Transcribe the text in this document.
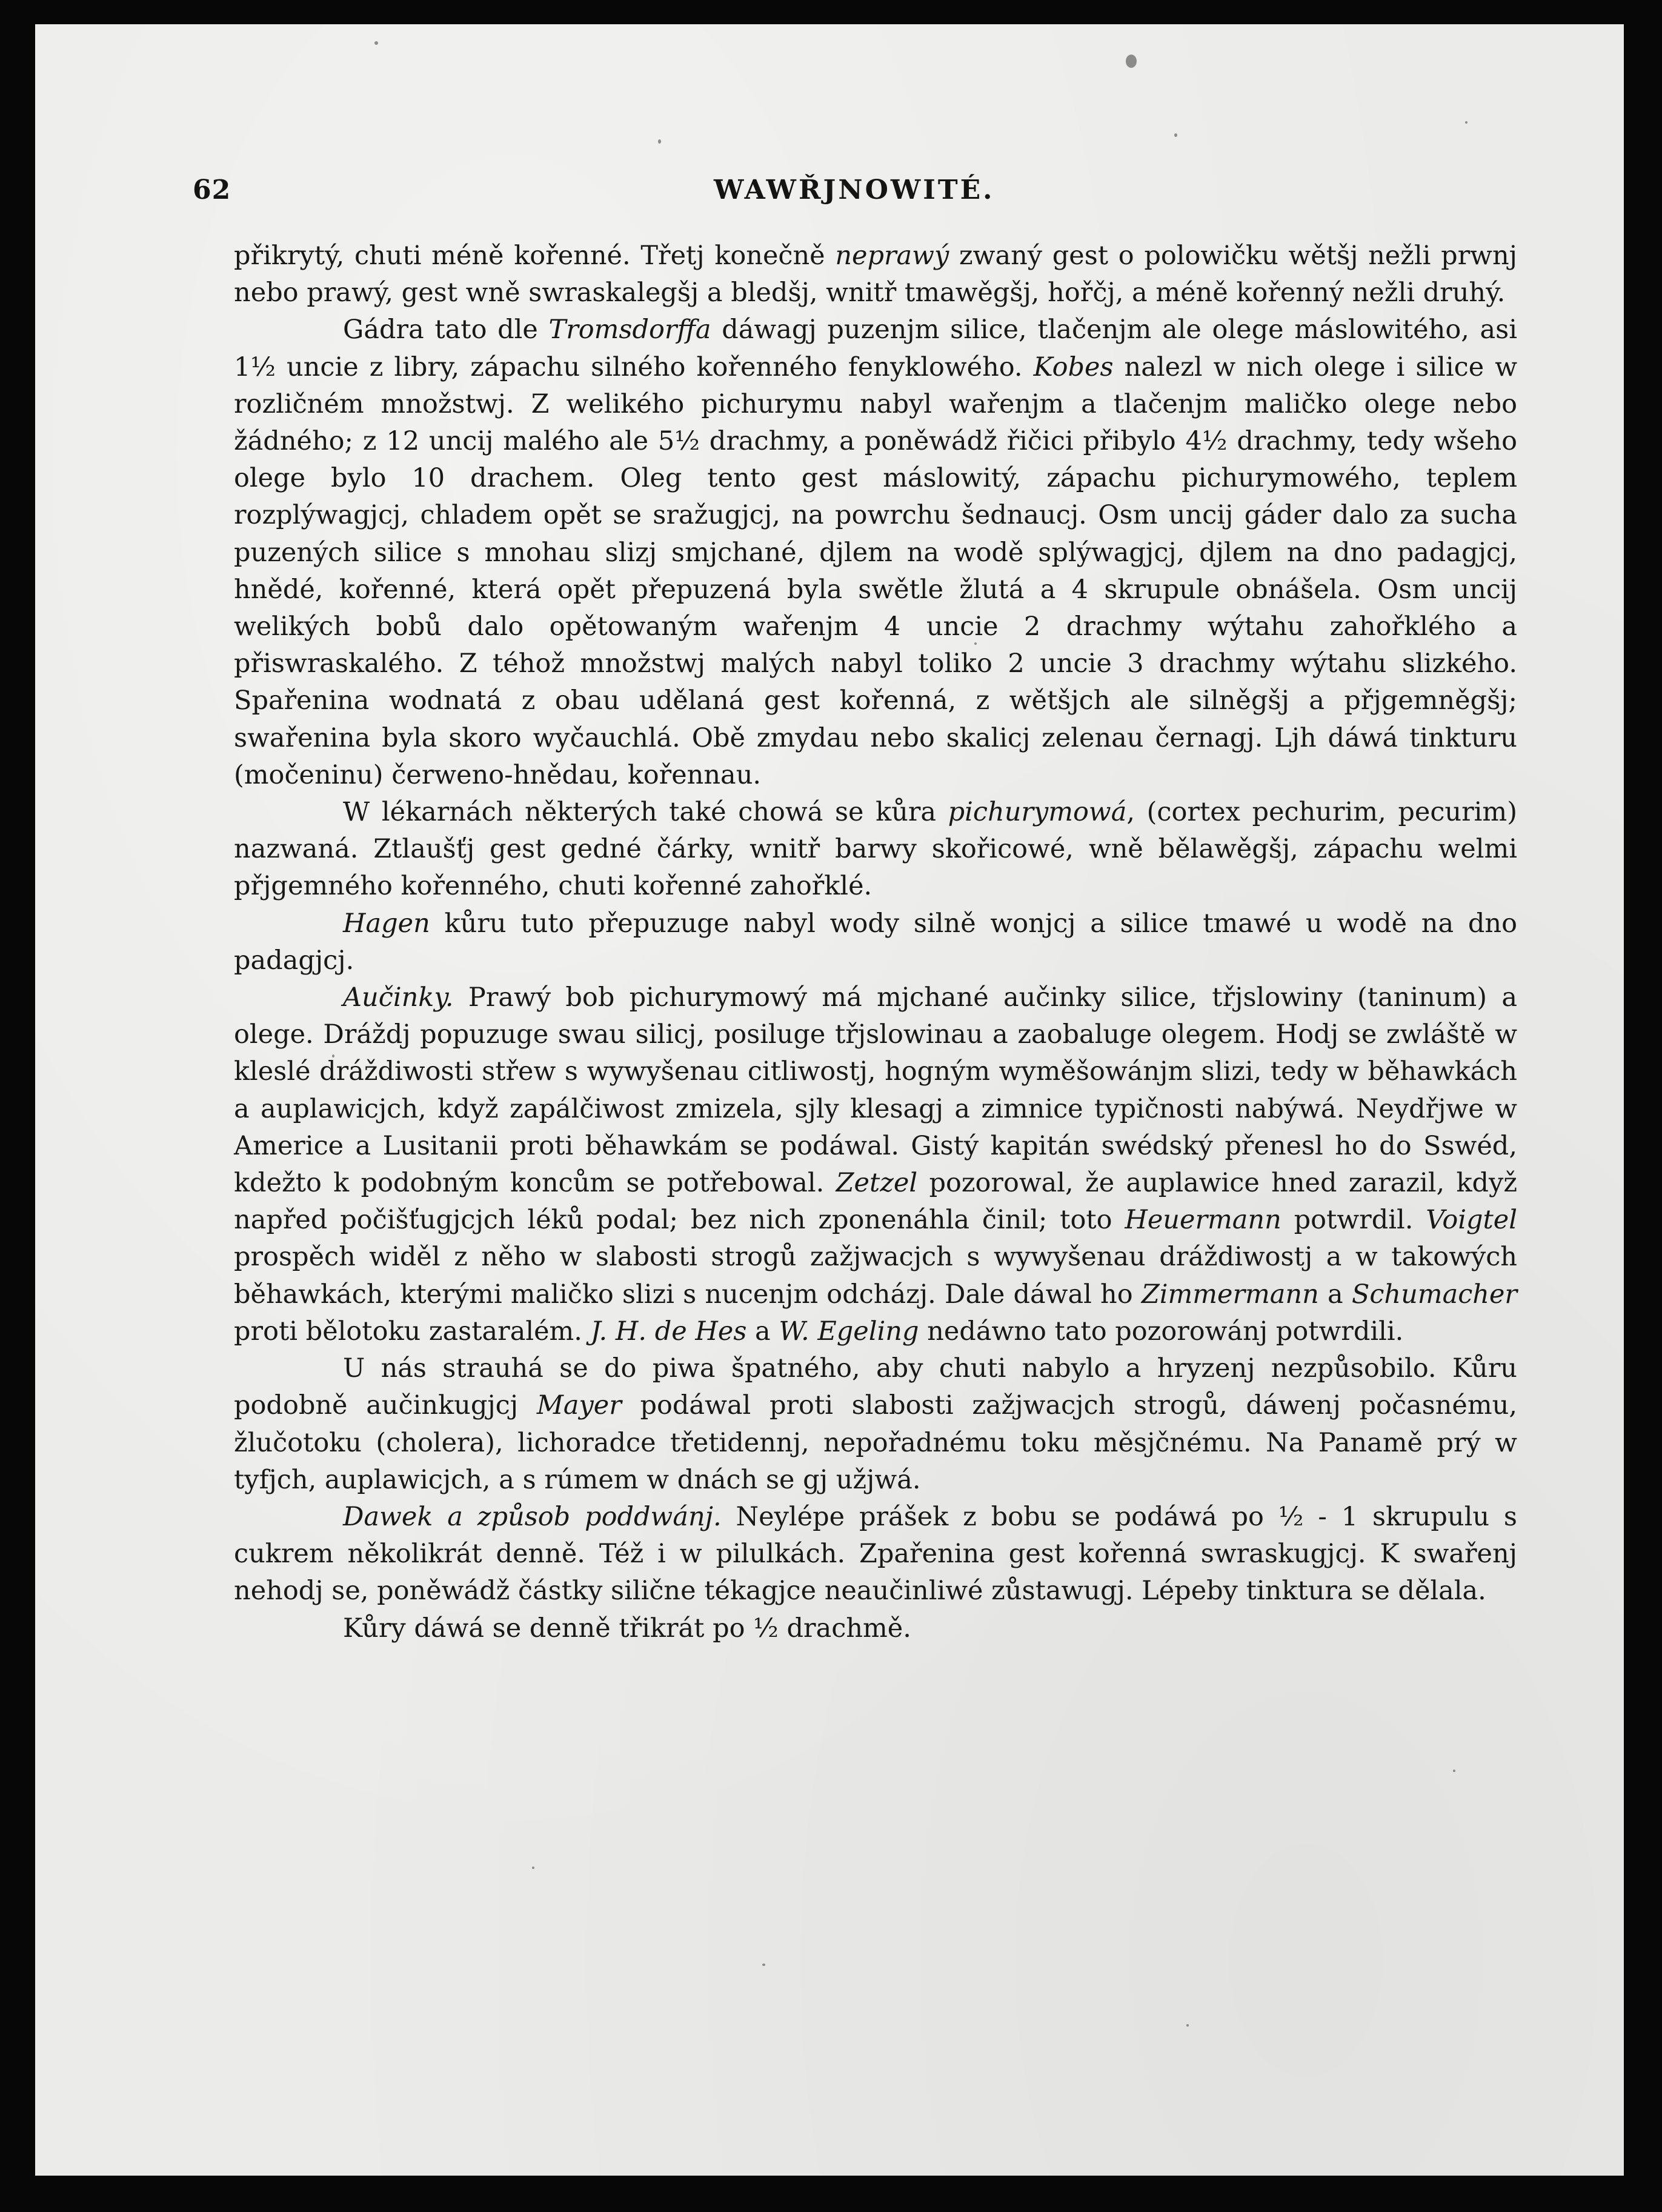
62	WAWŘJNOWITÉ.

přikrytý, chuti méně kořenné. Třetj konečně neprawý zwaný gest o polowičku wětšj nežli prwnj nebo prawý, gest wně swraskalegšj a bledšj, wnitř tmawěgšj, hořčj, a méně kořenný nežli druhý.

Gádra tato dle Tromsdorffa dáwagj puzenjm silice, tlačenjm ale olege máslowitého, asi 1½ uncie z libry, zápachu silného kořenného fenyklowého. Kobes nalezl w nich olege i silice w rozličném množstwj. Z welikého pichurymu nabyl wařenjm a tlačenjm maličko olege nebo žádného; z 12 uncij malého ale 5½ drachmy, a poněwádž řičici přibylo 4½ drachmy, tedy wšeho olege bylo 10 drachem. Oleg tento gest máslowitý, zápachu pichurymowého, teplem rozplýwagjcj, chladem opět se sražugjcj, na powrchu šednaucj. Osm uncij gáder dalo za sucha puzených silice s mnohau slizj smjchané, djlem na wodě splýwagjcj, djlem na dno padagjcj, hnědé, kořenné, která opět přepuzená byla swětle žlutá a 4 skrupule obnášela. Osm uncij welikých bobů dalo opětowaným wařenjm 4 uncie 2 drachmy wýtahu zahořklého a přiswraskalého. Z téhož množstwj malých nabyl toliko 2 uncie 3 drachmy wýtahu slizkého. Spařenina wodnatá z obau udělaná gest kořenná, z wětšjch ale silněgšj a přjgemněgšj; swařenina byla skoro wyčauchlá. Obě zmydau nebo skalicj zelenau černagj. Ljh dáwá tinkturu (močeninu) čerweno-hnědau, kořennau.

W lékarnách některých také chowá se kůra pichurymowá, (cortex pechurim, pecurim) nazwaná. Ztlaušťj gest gedné čárky, wnitř barwy skořicowé, wně bělawěgšj, zápachu welmi přjgemného kořenného, chuti kořenné zahořklé.

Hagen kůru tuto přepuzuge nabyl wody silně wonjcj a silice tmawé u wodě na dno padagjcj.

Aučinky. Prawý bob pichurymowý má mjchané aučinky silice, třjslowiny (taninum) a olege. Dráždj popuzuge swau silicj, posiluge třjslowinau a zaobaluge olegem. Hodj se zwláště w kleslé dráždiwosti střew s wywyšenau citliwostj, hogným wyměšowánjm slizi, tedy w běhawkách a auplawicjch, když zapálčiwost zmizela, sjly klesagj a zimnice typičnosti nabýwá. Neydřjwe w Americe a Lusitanii proti běhawkám se podáwal. Gistý kapitán swédský přenesl ho do Sswéd, kdežto k podobným koncům se potřebowal. Zetzel pozorowal, že auplawice hned zarazil, když napřed počišťugjcjch léků podal; bez nich zponenáhla činil; toto Heuermann potwrdil. Voigtel prospěch widěl z něho w slabosti strogů zažjwacjch s wywyšenau dráždiwostj a w takowých běhawkách, kterými maličko slizi s nucenjm odcházj. Dale dáwal ho Zimmermann a Schumacher proti bělotoku zastaralém. J. H. de Hes a W. Egeling nedáwno tato pozorowánj potwrdili.

U nás strauhá se do piwa špatného, aby chuti nabylo a hryzenj nezpůsobilo. Kůru podobně aučinkugjcj Mayer podáwal proti slabosti zažjwacjch strogů, dáwenj počasnému, žlučotoku (cholera), lichoradce třetidennj, nepořadnému toku měsjčnému. Na Panamě prý w tyfjch, auplawicjch, a s rúmem w dnách se gj užjwá.

Dawek a způsob poddwánj. Neylépe prášek z bobu se podáwá po ½ - 1 skrupulu s cukrem několikrát denně. Též i w pilulkách. Zpařenina gest kořenná swraskugjcj. K swařenj nehodj se, poněwádž částky silične tékagjce neaučinliwé zůstawugj. Lépeby tinktura se dělala.

Kůry dáwá se denně třikrát po ½ drachmě.
